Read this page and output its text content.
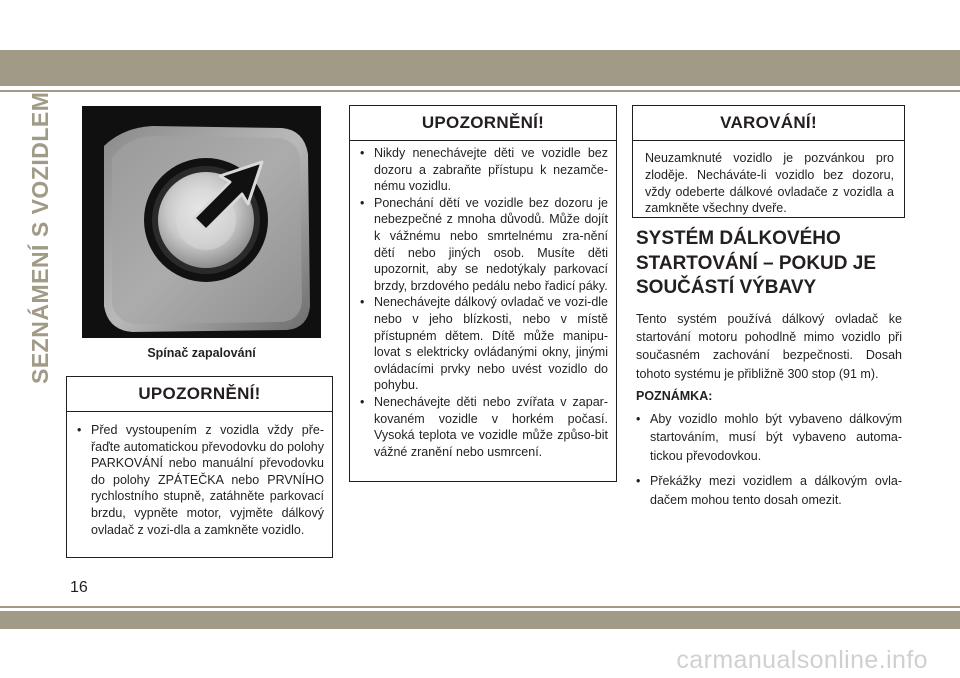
SEZNÁMENÍ S VOZIDLEM	Spínač zapalování
UPOZORNĚNÍ!
• Před vystoupením z vozidla vždy pře-řaďte automatickou převodovku do polohy PARKOVÁNÍ nebo manuální převodovku do polohy ZPÁTEČKA nebo PRVNÍHO rychlostního stupně, zatáhněte parkovací brzdu, vypněte motor, vyjměte dálkový ovladač z vozi-dla a zamkněte vozidlo.
UPOZORNĚNÍ!
• Nikdy nenechávejte děti ve vozidle bez dozoru a zabraňte přístupu k nezamče-nému vozidlu.
• Ponechání dětí ve vozidle bez dozoru je nebezpečné z mnoha důvodů. Může dojít k vážnému nebo smrtelnému zra-nění dětí nebo jiných osob. Musíte děti upozornit, aby se nedotýkaly parkovací brzdy, brzdového pedálu nebo řadicí páky.
• Nenechávejte dálkový ovladač ve vozi-dle nebo v jeho blízkosti, nebo v místě přístupném dětem. Dítě může manipu-lovat s elektricky ovládanými okny, jinými ovládacími prvky nebo uvést vozidlo do pohybu.
• Nenechávejte děti nebo zvířata v zapar-kovaném vozidle v horkém počasí. Vysoká teplota ve vozidle může způso-bit vážné zranění nebo usmrcení.
VAROVÁNÍ!

Neuzamknuté vozidlo je pozvánkou pro zloděje. Necháváte-li vozidlo bez dozoru, vždy odeberte dálkové ovladače z vozidla a zamkněte všechny dveře.

SYSTÉM DÁLKOVÉHO STARTOVÁNÍ – POKUD JE SOUČÁSTÍ VÝBAVY

Tento systém používá dálkový ovladač ke startování motoru pohodlně mimo vozidlo při současném zachování bezpečnosti. Dosah tohoto systému je přibližně 300 stop (91 m).

POZNÁMKA:

• Aby vozidlo mohlo být vybaveno dálkovým startováním, musí být vybaveno automa-tickou převodovkou.
• Překážky mezi vozidlem a dálkovým ovla-dačem mohou tento dosah omezit.
16
carmanualsonline.info
